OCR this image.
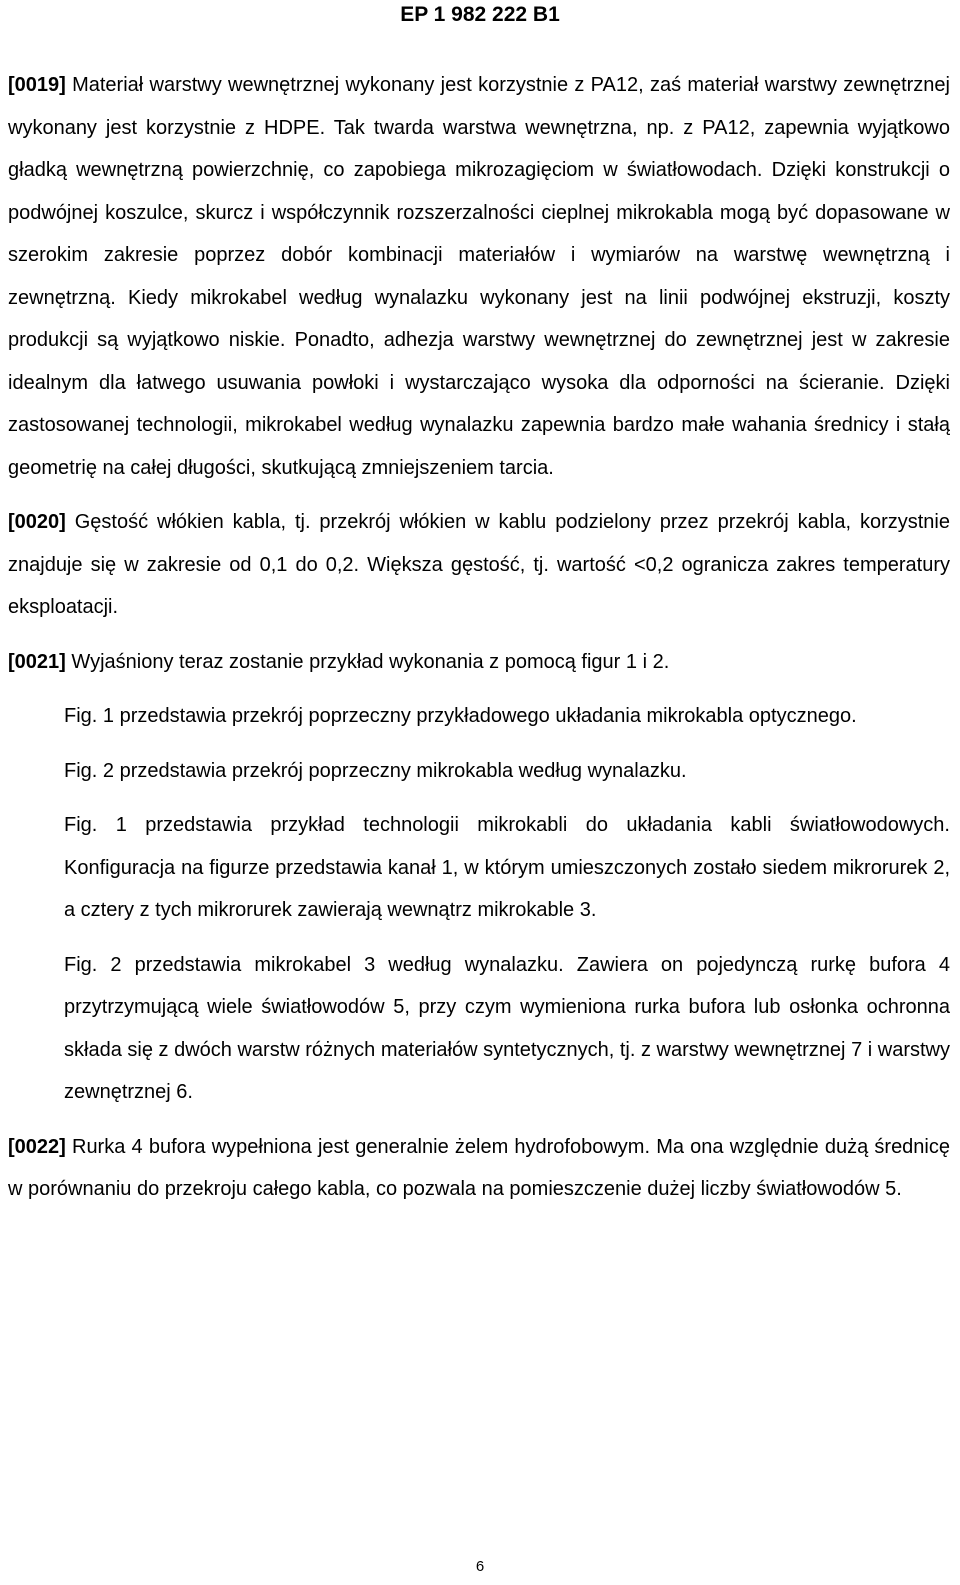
EP 1 982 222 B1

[0019] Materiał warstwy wewnętrznej wykonany jest korzystnie z PA12, zaś materiał warstwy zewnętrznej wykonany jest korzystnie z HDPE. Tak twarda warstwa wewnętrzna, np. z PA12, zapewnia wyjątkowo gładką wewnętrzną powierzchnię, co zapobiega mikrozagięciom w światłowodach. Dzięki konstrukcji o podwójnej koszulce, skurcz i współczynnik rozszerzalności cieplnej mikrokabla mogą być dopasowane w szerokim zakresie poprzez dobór kombinacji materiałów i wymiarów na warstwę wewnętrzną i zewnętrzną. Kiedy mikrokabel według wynalazku wykonany jest na linii podwójnej ekstruzji, koszty produkcji są wyjątkowo niskie. Ponadto, adhezja warstwy wewnętrznej do zewnętrznej jest w zakresie idealnym dla łatwego usuwania powłoki i wystarczająco wysoka dla odporności na ścieranie. Dzięki zastosowanej technologii, mikrokabel według wynalazku zapewnia bardzo małe wahania średnicy i stałą geometrię na całej długości, skutkującą zmniejszeniem tarcia.

[0020] Gęstość włókien kabla, tj. przekrój włókien w kablu podzielony przez przekrój kabla, korzystnie znajduje się w zakresie od 0,1 do 0,2. Większa gęstość, tj. wartość <0,2 ogranicza zakres temperatury eksploatacji.

[0021] Wyjaśniony teraz zostanie przykład wykonania z pomocą figur 1 i 2.

Fig. 1 przedstawia przekrój poprzeczny przykładowego układania mikrokabla optycznego.

Fig. 2 przedstawia przekrój poprzeczny mikrokabla według wynalazku.

Fig. 1 przedstawia przykład technologii mikrokabli do układania kabli światłowodowych. Konfiguracja na figurze przedstawia kanał 1, w którym umieszczonych zostało siedem mikrorurek 2, a cztery z tych mikrorurek zawierają wewnątrz mikrokable 3.

Fig. 2 przedstawia mikrokabel 3 według wynalazku. Zawiera on pojedynczą rurkę bufora 4 przytrzymującą wiele światłowodów 5, przy czym wymieniona rurka bufora lub osłonka ochronna składa się z dwóch warstw różnych materiałów syntetycznych, tj. z warstwy wewnętrznej 7 i warstwy zewnętrznej 6.

[0022] Rurka 4 bufora wypełniona jest generalnie żelem hydrofobowym. Ma ona względnie dużą średnicę w porównaniu do przekroju całego kabla, co pozwala na pomieszczenie dużej liczby światłowodów 5.

6
